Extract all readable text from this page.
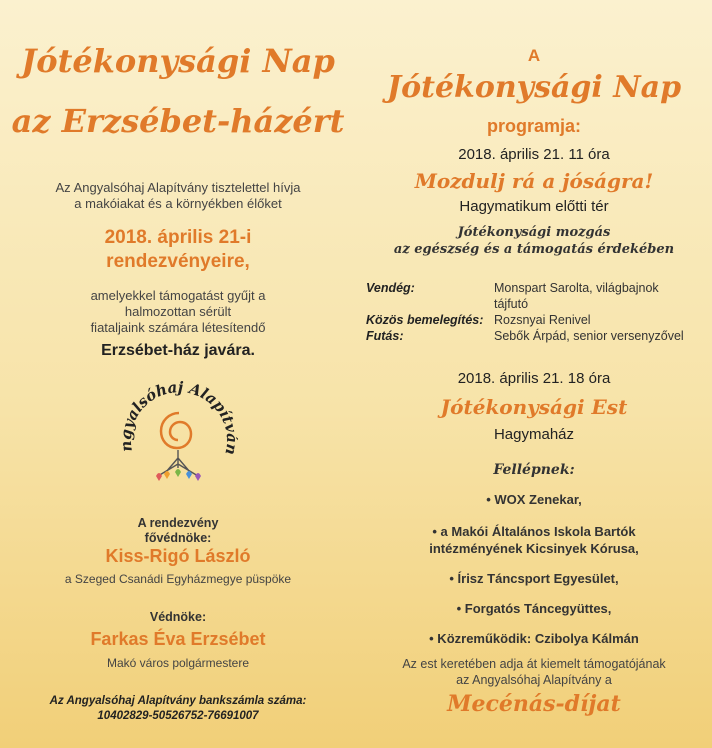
Jótékonysági Nap
az Erzsébet-házért
Az Angyalsóhaj Alapítvány tisztelettel hívja
a makóiakat és a környékben élőket
2018. április 21-i
rendezvényeire,
amelyekkel támogatást gyűjt a
halmozottan sérült
fiataljaink számára létesítendő
Erzsébet-ház javára.
ngyalsóhaj Alapít
A rendezvény
fővédnöke:
Kiss-Rigó László
a Szeged Csanádi Egyházmegye püspöke
Védnöke:
Farkas Éva Erzsébet
Makó város polgármestere
Az Angyalsóhaj Alapítvány bankszámla száma:
10402829-50526752-76691007
A
Jótékonysági Nap
programja:
2018. április 21. 11 óra
Mozdulj rá a jóságra!
Hagymatikum előtti tér
Jótékonysági mozgás
az egészség és a támogatás érdekében
Vendég:	Monspart Sarolta, világbajnok tájfutó
Közös bemelegítés: Rozsnyai Renivel
Futás:	Sebők Árpád, senior versenyzővel
2018. április 21. 18 óra
Jótékonysági Est
Hagymaház
Fellépnek:
• WOX Zenekar,
• a Makói Általános Iskola Bartók
intézményének Kicsinyek Kórusa,
• Írisz Táncsport Egyesület,
• Forgatós Táncegyüttes,
• Közreműködik: Czibolya Kálmán
Az est keretében adja át kiemelt támogatójának
az Angyalsóhaj Alapítvány a
Mecénás-díjat
